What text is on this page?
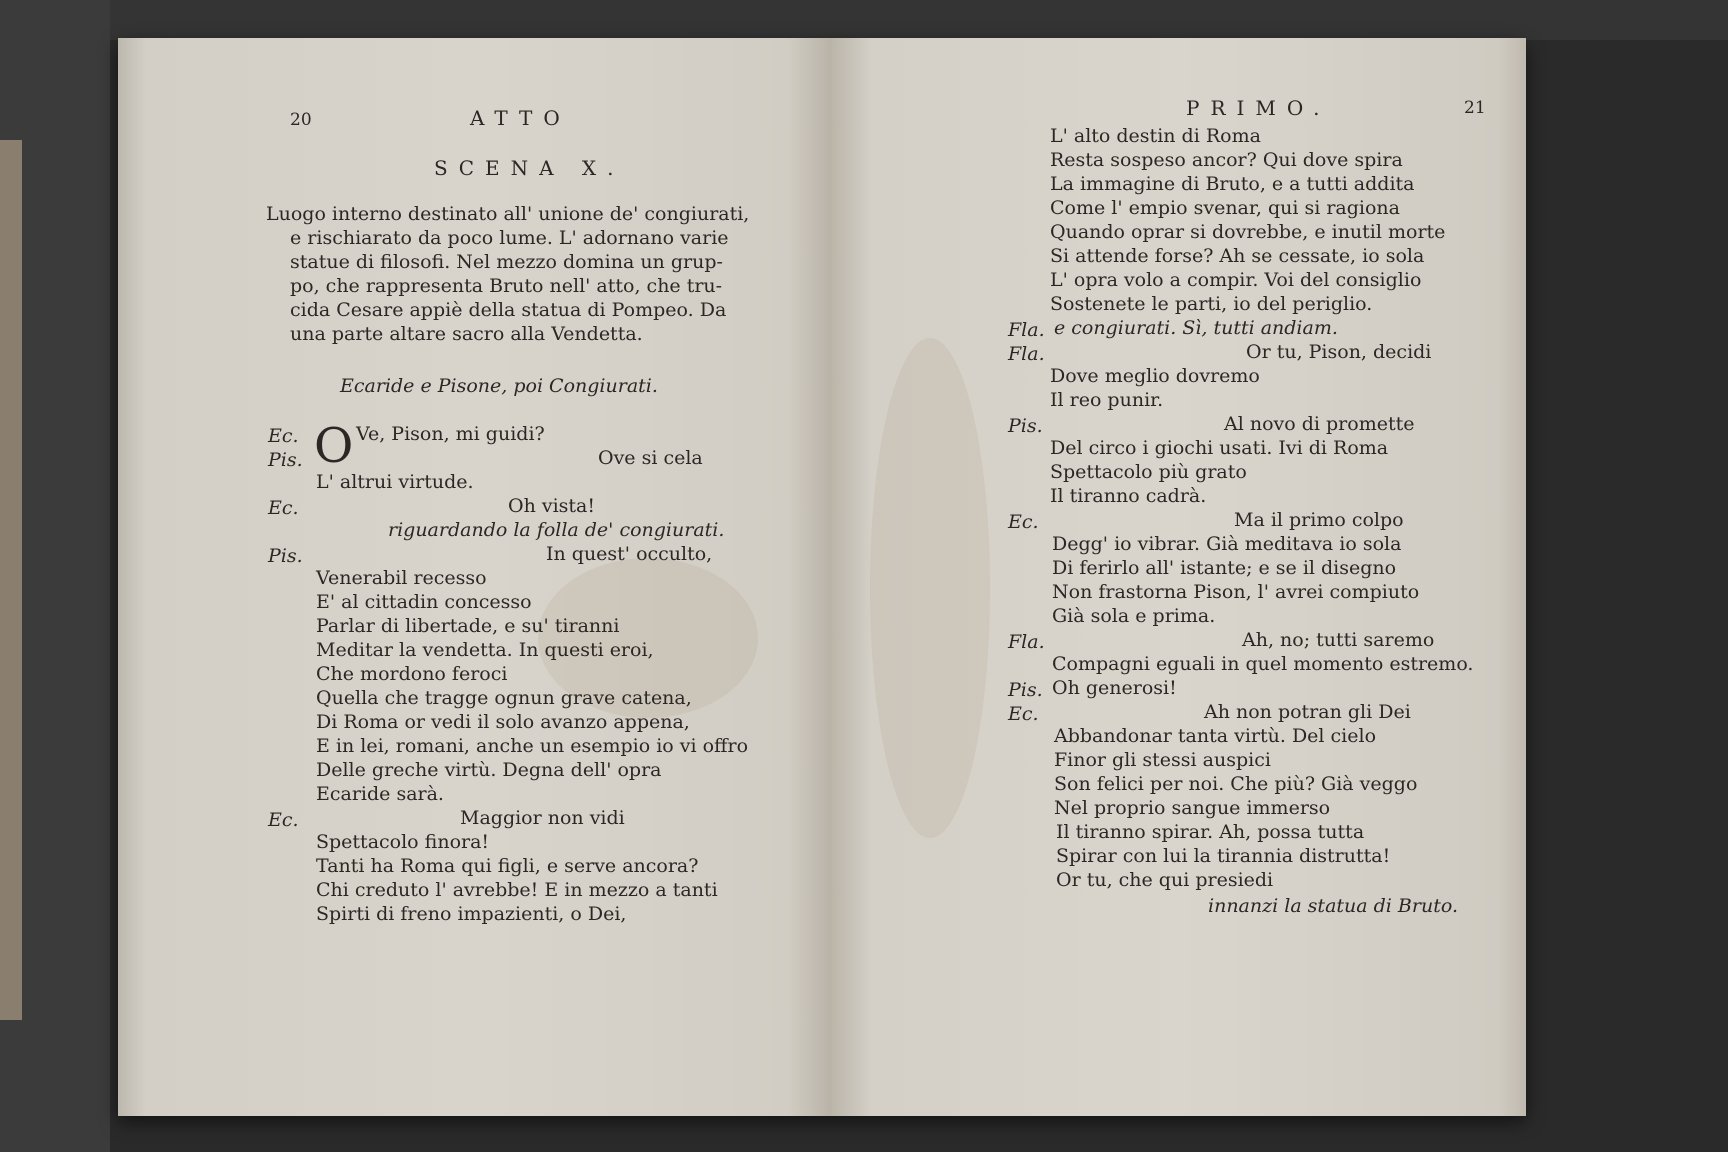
20	ATTO
SCENA X.
Luogo interno destinato all' unione de' congiurati,
e rischiarato da poco lume. L' adornano varie
statue di filosofi. Nel mezzo domina un grup-
po, che rappresenta Bruto nell' atto, che tru-
cida Cesare appiè della statua di Pompeo. Da
una parte altare sacro alla Vendetta.
Ecaride e Pisone, poi Congiurati.
Ec. O Ve, Pison, mi guidi?
Pis.	Ove si cela
L' altrui virtude.
Ec.	Oh vista!
riguardando la folla de' congiurati.
Pis.	In quest' occulto,
Venerabil recesso
E' al cittadin concesso
Parlar di libertade, e su' tiranni
Meditar la vendetta. In questi eroi,
Che mordono feroci
Quella che tragge ognun grave catena,
Di Roma or vedi il solo avanzo appena,
E in lei, romani, anche un esempio io vi offro
Delle greche virtù. Degna dell' opra
Ecaride sarà.
Ec.	Maggior non vidi
Spettacolo finora!
Tanti ha Roma qui figli, e serve ancora?
Chi creduto l' avrebbe! E in mezzo a tanti
Spirti di freno impazienti, o Dei,
PRIMO.	21
L' alto destin di Roma
Resta sospeso ancor? Qui dove spira
La immagine di Bruto, e a tutti addita
Come l' empio svenar, qui si ragiona
Quando oprar si dovrebbe, e inutil morte
Si attende forse? Ah se cessate, io sola
L' opra volo a compir. Voi del consiglio
Sostenete le parti, io del periglio.
Fla. e congiurati. Sì, tutti andiam.
Fla.	Or tu, Pison, decidi
Dove meglio dovremo
Il reo punir.
Pis.	Al novo di promette
Del circo i giochi usati. Ivi di Roma
Spettacolo più grato
Il tiranno cadrà.
Ec.	Ma il primo colpo
Degg' io vibrar. Già meditava io sola
Di ferirlo all' istante; e se il disegno
Non frastorna Pison, l' avrei compiuto
Già sola e prima.
Fla.	Ah, no; tutti saremo
Compagni eguali in quel momento estremo.
Pis. Oh generosi!
Ec.	Ah non potran gli Dei
Abbandonar tanta virtù. Del cielo
Finor gli stessi auspici
Son felici per noi. Che più? Già veggo
Nel proprio sangue immerso
Il tiranno spirar. Ah, possa tutta
Spirar con lui la tirannia distrutta!
Or tu, che qui presiedi
innanzi la statua di Bruto.
